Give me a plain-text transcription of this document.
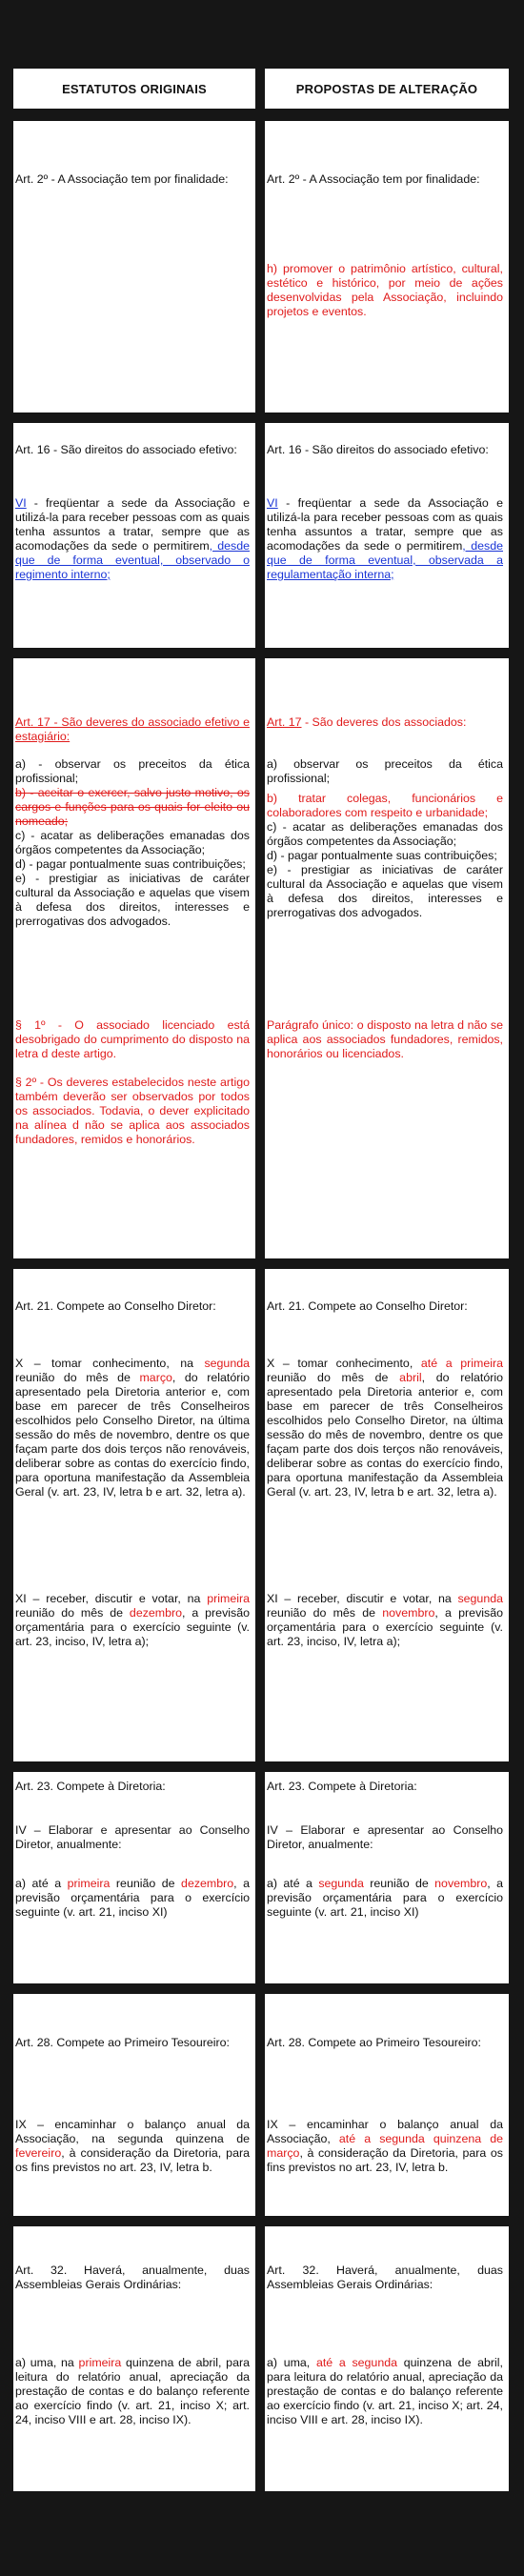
ESTATUTOS ORIGINAIS	PROPOSTAS DE ALTERAÇÃO

Art. 2º - A Associação tem por finalidade:	Art. 2º - A Associação tem por finalidade:

h) promover o patrimônio artístico, cultural, estético e histórico, por meio de ações desenvolvidas pela Associação, incluindo projetos e eventos.

Art. 16 - São direitos do associado efetivo:

VI - freqüentar a sede da Associação e utilizá-la para receber pessoas com as quais tenha assuntos a tratar, sempre que as acomodações da sede o permitirem, desde que de forma eventual, observado o regimento interno;

Art. 16 - São direitos do associado efetivo:

VI - freqüentar a sede da Associação e utilizá-la para receber pessoas com as quais tenha assuntos a tratar, sempre que as acomodações da sede o permitirem, desde que de forma eventual, observada a regulamentação interna;

Art. 17 - São deveres do associado efetivo e estagiário:

a) - observar os preceitos da ética profissional;

b) - aceitar o exercer, salvo justo motivo, os cargos e funções para os quais for eleito ou nomeado;

c) - acatar as deliberações emanadas dos órgãos competentes da Associação;

d) - pagar pontualmente suas contribuições;

e) - prestigiar as iniciativas de caráter cultural da Associação e aquelas que visem à defesa dos direitos, interesses e prerrogativas dos advogados.

§ 1º - O associado licenciado está desobrigado do cumprimento do disposto na letra d deste artigo.

§ 2º - Os deveres estabelecidos neste artigo também deverão ser observados por todos os associados. Todavia, o dever explicitado na alínea d não se aplica aos associados fundadores, remidos e honorários.

Art. 17 - São deveres dos associados:

a) observar os preceitos da ética profissional;

b) tratar colegas, funcionários e colaboradores com respeito e urbanidade;

c) - acatar as deliberações emanadas dos órgãos competentes da Associação;

d) - pagar pontualmente suas contribuições;

e) - prestigiar as iniciativas de caráter cultural da Associação e aquelas que visem à defesa dos direitos, interesses e prerrogativas dos advogados.

Parágrafo único: o disposto na letra d não se aplica aos associados fundadores, remidos, honorários ou licenciados.

Art. 21. Compete ao Conselho Diretor:

X – tomar conhecimento, na segunda reunião do mês de março, do relatório apresentado pela Diretoria anterior e, com base em parecer de três Conselheiros escolhidos pelo Conselho Diretor, na última sessão do mês de novembro, dentre os que façam parte dos dois terços não renováveis, deliberar sobre as contas do exercício findo, para oportuna manifestação da Assembleia Geral (v. art. 23, IV, letra b e art. 32, letra a).

XI – receber, discutir e votar, na primeira reunião do mês de dezembro, a previsão orçamentária para o exercício seguinte (v. art. 23, inciso, IV, letra a);

Art. 21. Compete ao Conselho Diretor:

X – tomar conhecimento, até a primeira reunião do mês de abril, do relatório apresentado pela Diretoria anterior e, com base em parecer de três Conselheiros escolhidos pelo Conselho Diretor, na última sessão do mês de novembro, dentre os que façam parte dos dois terços não renováveis, deliberar sobre as contas do exercício findo, para oportuna manifestação da Assembleia Geral (v. art. 23, IV, letra b e art. 32, letra a).

XI – receber, discutir e votar, na segunda reunião do mês de novembro, a previsão orçamentária para o exercício seguinte (v. art. 23, inciso, IV, letra a);

Art. 23. Compete à Diretoria:

IV – Elaborar e apresentar ao Conselho Diretor, anualmente:

a) até a primeira reunião de dezembro, a previsão orçamentária para o exercício seguinte (v. art. 21, inciso XI)

Art. 23. Compete à Diretoria:

IV – Elaborar e apresentar ao Conselho Diretor, anualmente:

a) até a segunda reunião de novembro, a previsão orçamentária para o exercício seguinte (v. art. 21, inciso XI)

Art. 28. Compete ao Primeiro Tesoureiro:

IX – encaminhar o balanço anual da Associação, na segunda quinzena de fevereiro, à consideração da Diretoria, para os fins previstos no art. 23, IV, letra b.

Art. 28. Compete ao Primeiro Tesoureiro:

IX – encaminhar o balanço anual da Associação, até a segunda quinzena de março, à consideração da Diretoria, para os fins previstos no art. 23, IV, letra b.

Art. 32. Haverá, anualmente, duas Assembleias Gerais Ordinárias:

a) uma, na primeira quinzena de abril, para leitura do relatório anual, apreciação da prestação de contas e do balanço referente ao exercício findo (v. art. 21, inciso X; art. 24, inciso VIII e art. 28, inciso IX).

Art. 32. Haverá, anualmente, duas Assembleias Gerais Ordinárias:

a) uma, até a segunda quinzena de abril, para leitura do relatório anual, apreciação da prestação de contas e do balanço referente ao exercício findo (v. art. 21, inciso X; art. 24, inciso VIII e art. 28, inciso IX).
